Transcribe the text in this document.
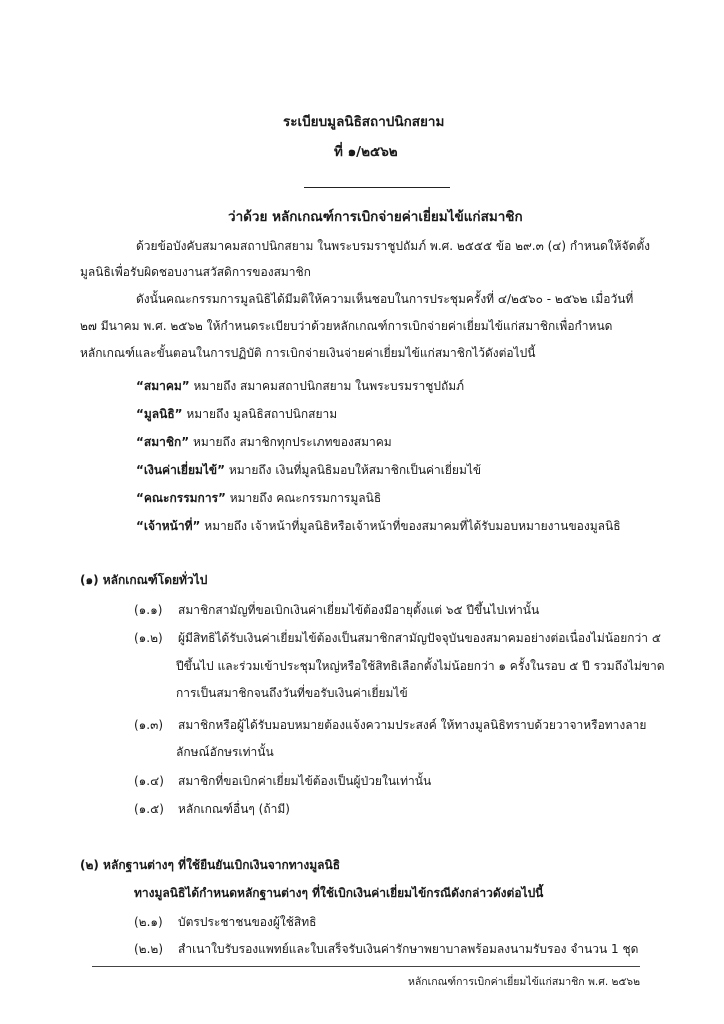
ระเบียบมูลนิธิสถาปนิกสยาม
ที่ ๑/๒๕๖๒
ว่าด้วย หลักเกณฑ์การเบิกจ่ายค่าเยี่ยมไข้แก่สมาชิก
ด้วยข้อบังคับสมาคมสถาปนิกสยาม ในพระบรมราชูปถัมภ์ พ.ศ. ๒๕๕๕ ข้อ ๒๙.๓ (๔) กำหนดให้จัดตั้ง
มูลนิธิเพื่อรับผิดชอบงานสวัสดิการของสมาชิก
ดังนั้นคณะกรรมการมูลนิธิได้มีมติให้ความเห็นชอบในการประชุมครั้งที่ ๔/๒๕๖๐ - ๒๕๖๒ เมื่อวันที่
๒๗ มีนาคม พ.ศ. ๒๕๖๒ ให้กำหนดระเบียบว่าด้วยหลักเกณฑ์การเบิกจ่ายค่าเยี่ยมไข้แก่สมาชิกเพื่อกำหนด
หลักเกณฑ์และขั้นตอนในการปฏิบัติ การเบิกจ่ายเงินจ่ายค่าเยี่ยมไข้แก่สมาชิกไว้ดังต่อไปนี้
“สมาคม” หมายถึง สมาคมสถาปนิกสยาม ในพระบรมราชูปถัมภ์
“มูลนิธิ” หมายถึง มูลนิธิสถาปนิกสยาม
“สมาชิก” หมายถึง สมาชิกทุกประเภทของสมาคม
“เงินค่าเยี่ยมไข้” หมายถึง เงินที่มูลนิธิมอบให้สมาชิกเป็นค่าเยี่ยมไข้
“คณะกรรมการ” หมายถึง คณะกรรมการมูลนิธิ
“เจ้าหน้าที่” หมายถึง เจ้าหน้าที่มูลนิธิหรือเจ้าหน้าที่ของสมาคมที่ได้รับมอบหมายงานของมูลนิธิ
(๑) หลักเกณฑ์โดยทั่วไป
(๑.๑) สมาชิกสามัญที่ขอเบิกเงินค่าเยี่ยมไข้ต้องมีอายุตั้งแต่ ๖๕ ปีขึ้นไปเท่านั้น
(๑.๒) ผู้มีสิทธิได้รับเงินค่าเยี่ยมไข้ต้องเป็นสมาชิกสามัญปัจจุบันของสมาคมอย่างต่อเนื่องไม่น้อยกว่า ๕
ปีขึ้นไป และร่วมเข้าประชุมใหญ่หรือใช้สิทธิเลือกตั้งไม่น้อยกว่า ๑ ครั้งในรอบ ๕ ปี รวมถึงไม่ขาด
การเป็นสมาชิกจนถึงวันที่ขอรับเงินค่าเยี่ยมไข้
(๑.๓) สมาชิกหรือผู้ได้รับมอบหมายต้องแจ้งความประสงค์ ให้ทางมูลนิธิทราบด้วยวาจาหรือทางลาย
ลักษณ์อักษรเท่านั้น
(๑.๔) สมาชิกที่ขอเบิกค่าเยี่ยมไข้ต้องเป็นผู้ป่วยในเท่านั้น
(๑.๕) หลักเกณฑ์อื่นๆ (ถ้ามี)
(๒) หลักฐานต่างๆ ที่ใช้ยืนยันเบิกเงินจากทางมูลนิธิ
ทางมูลนิธิได้กำหนดหลักฐานต่างๆ ที่ใช้เบิกเงินค่าเยี่ยมไข้กรณีดังกล่าวดังต่อไปนี้
(๒.๑) บัตรประชาชนของผู้ใช้สิทธิ
(๒.๒) สำเนาใบรับรองแพทย์และใบเสร็จรับเงินค่ารักษาพยาบาลพร้อมลงนามรับรอง จำนวน 1 ชุด
หลักเกณฑ์การเบิกค่าเยี่ยมไข้แก่สมาชิก พ.ศ. ๒๕๖๒
